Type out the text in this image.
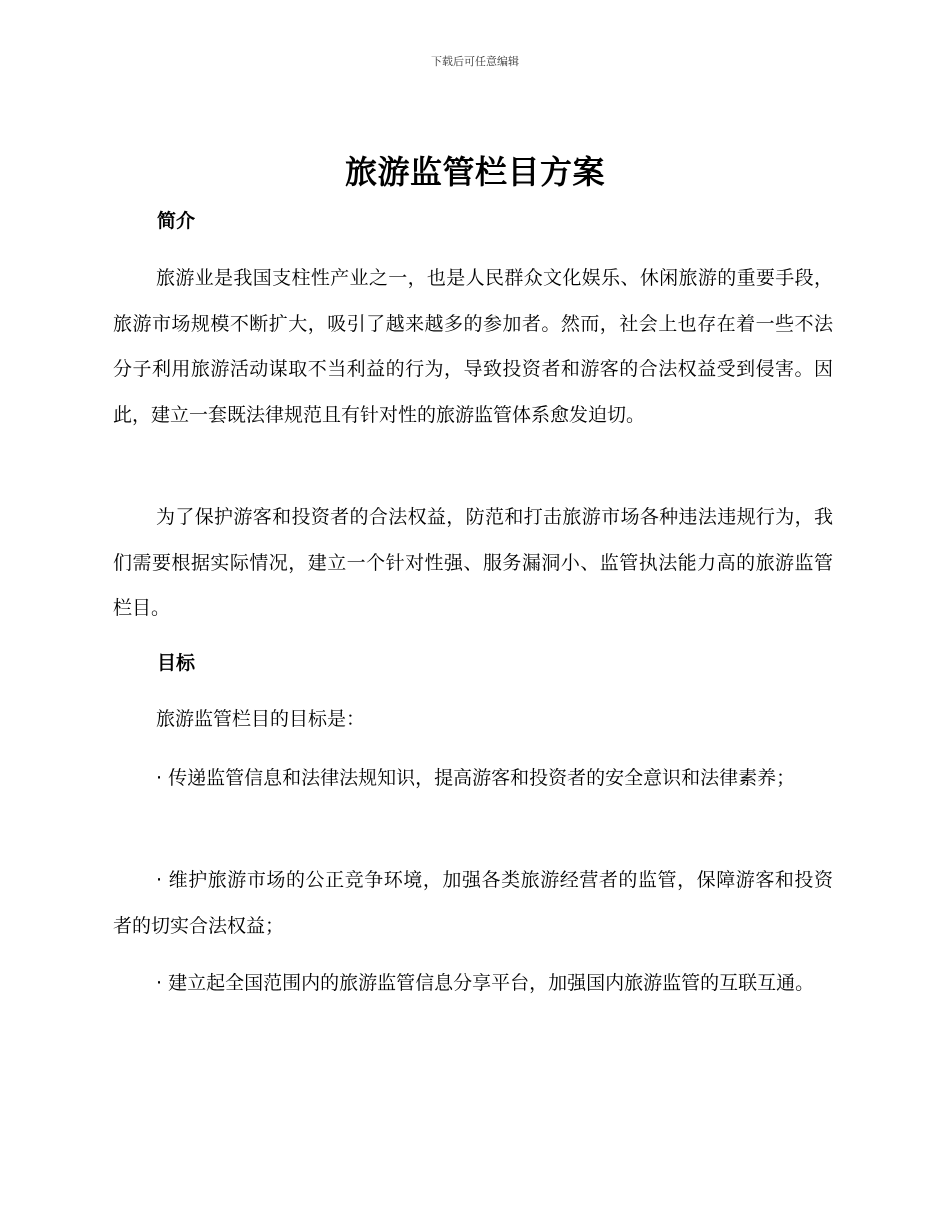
下载后可任意编辑
旅游监管栏目方案
简介

旅游业是我国支柱性产业之一，也是人民群众文化娱乐、休闲旅游的重要手段，旅游市场规模不断扩大，吸引了越来越多的参加者。然而，社会上也存在着一些不法分子利用旅游活动谋取不当利益的行为，导致投资者和游客的合法权益受到侵害。因此，建立一套既法律规范且有针对性的旅游监管体系愈发迫切。

为了保护游客和投资者的合法权益，防范和打击旅游市场各种违法违规行为，我们需要根据实际情况，建立一个针对性强、服务漏洞小、监管执法能力高的旅游监管栏目。

目标

旅游监管栏目的目标是：

· 传递监管信息和法律法规知识，提高游客和投资者的安全意识和法律素养；

· 维护旅游市场的公正竞争环境，加强各类旅游经营者的监管，保障游客和投资者的切实合法权益；

· 建立起全国范围内的旅游监管信息分享平台，加强国内旅游监管的互联互通。
